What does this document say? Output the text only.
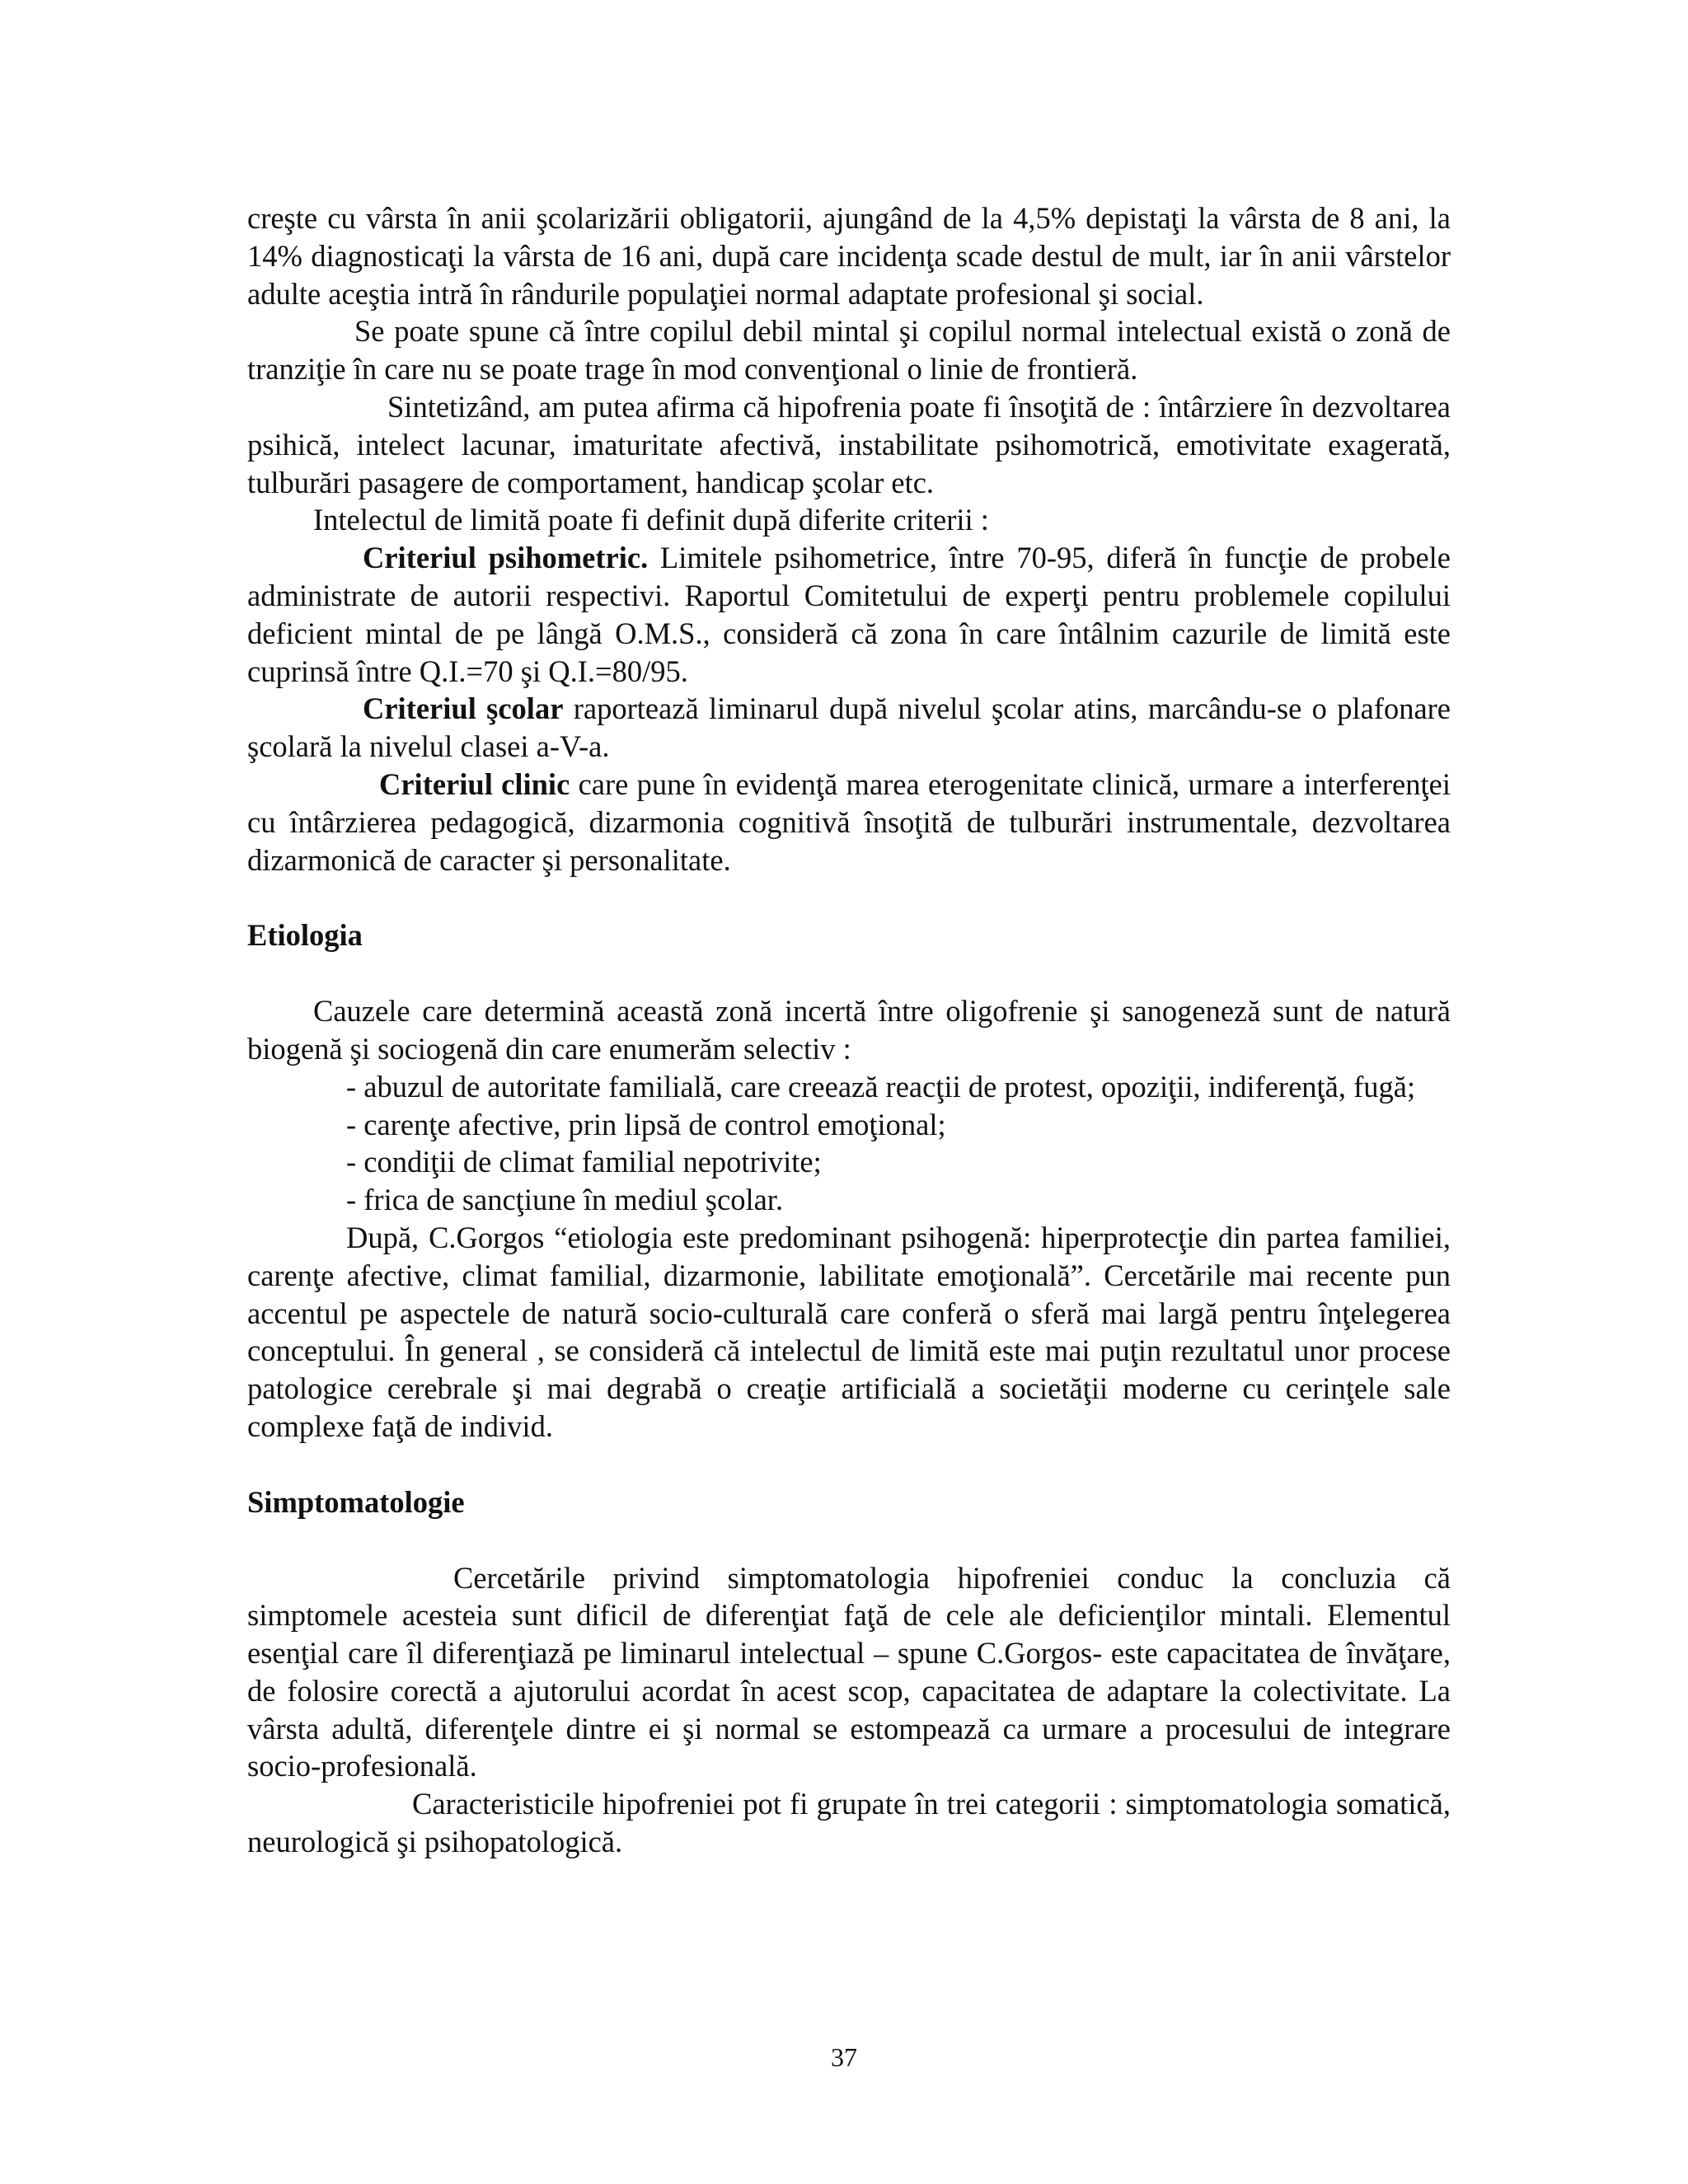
creşte cu vârsta în anii şcolarizării obligatorii, ajungând de la 4,5% depistaţi la vârsta de 8 ani, la 14% diagnosticaţi la vârsta de 16 ani, după care incidenţa scade destul de mult, iar în anii vârstelor adulte aceştia intră în rândurile populaţiei normal adaptate profesional şi social.

Se poate spune că între copilul debil mintal şi copilul normal intelectual există o zonă de tranziţie în care nu se poate trage în mod convenţional o linie de frontieră.

Sintetizând, am putea afirma că hipofrenia poate fi însoţită de : întârziere în dezvoltarea psihică, intelect lacunar, imaturitate afectivă, instabilitate psihomotrică, emotivitate exagerată, tulburări pasagere de comportament, handicap şcolar etc.

Intelectul de limită poate fi definit după diferite criterii :

Criteriul psihometric. Limitele psihometrice, între 70-95, diferă în funcţie de probele administrate de autorii respectivi. Raportul Comitetului de experţi pentru problemele copilului deficient mintal de pe lângă O.M.S., consideră că zona în care întâlnim cazurile de limită este cuprinsă între Q.I.=70 şi Q.I.=80/95.

Criteriul şcolar raportează liminarul după nivelul şcolar atins, marcându-se o plafonare şcolară la nivelul clasei a-V-a.

Criteriul clinic care pune în evidenţă marea eterogenitate clinică, urmare a interferenţei cu întârzierea pedagogică, dizarmonia cognitivă însoţită de tulburări instrumentale, dezvoltarea dizarmonică de caracter şi personalitate.

Etiologia

Cauzele care determină această zonă incertă între oligofrenie şi sanogeneză sunt de natură biogenă şi sociogenă din care enumerăm selectiv :

- abuzul de autoritate familială, care creează reacţii de protest, opoziţii, indiferenţă, fugă;

- carenţe afective, prin lipsă de control emoţional;

- condiţii de climat familial nepotrivite;

- frica de sancţiune în mediul şcolar.

După, C.Gorgos “etiologia este predominant psihogenă: hiperprotecţie din partea familiei, carenţe afective, climat familial, dizarmonie, labilitate emoţională”. Cercetările mai recente pun accentul pe aspectele de natură socio-culturală care conferă o sferă mai largă pentru înţelegerea conceptului. În general , se consideră că intelectul de limită este mai puţin rezultatul unor procese patologice cerebrale şi mai degrabă o creaţie artificială a societăţii moderne cu cerinţele sale complexe faţă de individ.

Simptomatologie

Cercetările privind simptomatologia hipofreniei conduc la concluzia că simptomele acesteia sunt dificil de diferenţiat faţă de cele ale deficienţilor mintali. Elementul esenţial care îl diferenţiază pe liminarul intelectual – spune C.Gorgos- este capacitatea de învăţare, de folosire corectă a ajutorului acordat în acest scop, capacitatea de adaptare la colectivitate. La vârsta adultă, diferenţele dintre ei şi normal se estompează ca urmare a procesului de integrare socio-profesională.

Caracteristicile hipofreniei pot fi grupate în trei categorii : simptomatologia somatică, neurologică şi psihopatologică.

37
